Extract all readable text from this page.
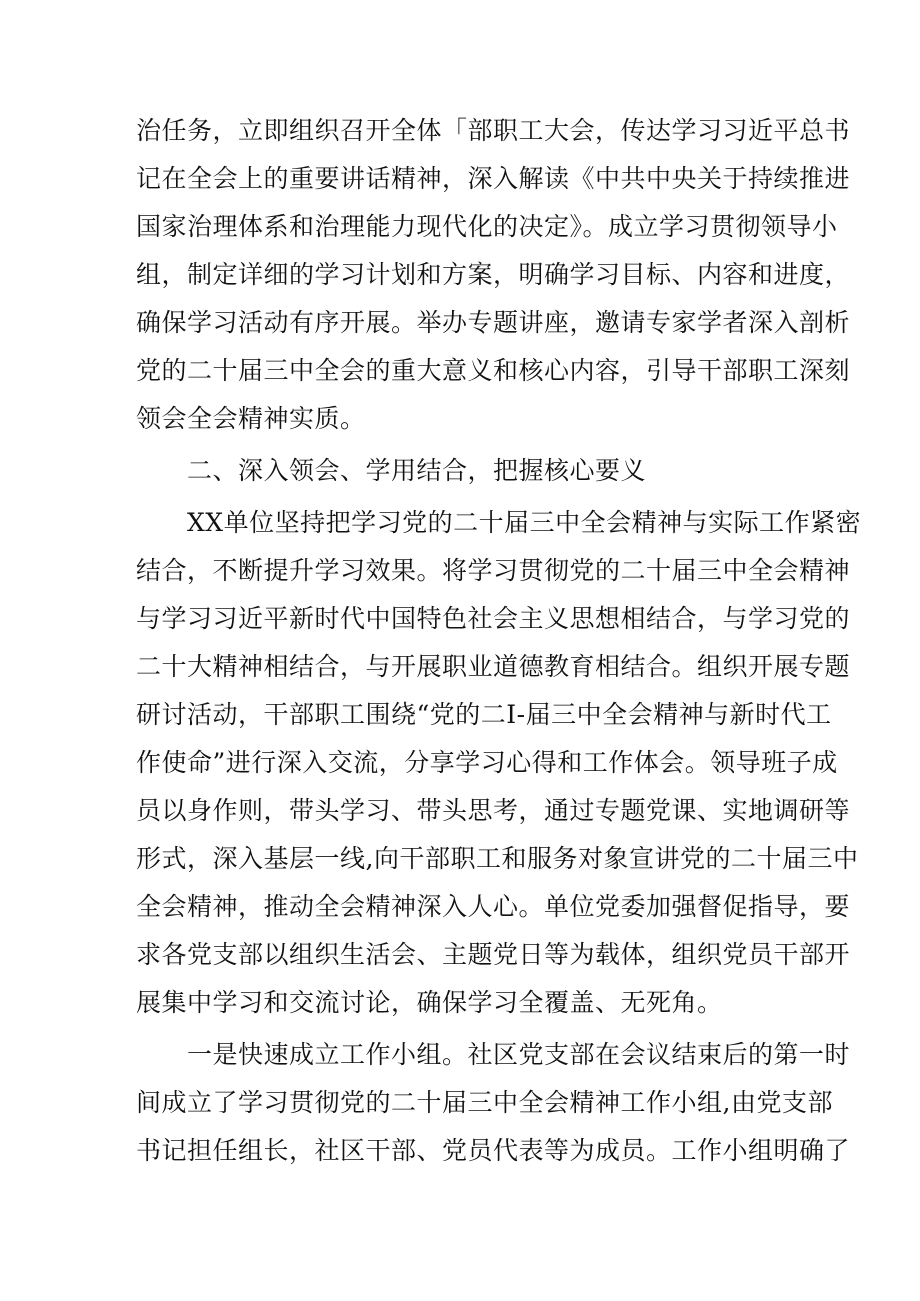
治任务，立即组织召开全体「部职工大会，传达学习习近平总书
记在全会上的重要讲话精神，深入解读《中共中央关于持续推进
国家治理体系和治理能力现代化的决定》。成立学习贯彻领导小
组，制定详细的学习计划和方案，明确学习目标、内容和进度，
确保学习活动有序开展。举办专题讲座，邀请专家学者深入剖析
党的二十届三中全会的重大意义和核心内容，引导干部职工深刻
领会全会精神实质。
　　二、深入领会、学用结合，把握核心要义
　　XX单位坚持把学习党的二十届三中全会精神与实际工作紧密
结合，不断提升学习效果。将学习贯彻党的二十届三中全会精神
与学习习近平新时代中国特色社会主义思想相结合，与学习党的
二十大精神相结合，与开展职业道德教育相结合。组织开展专题
研讨活动，干部职工围绕“党的二I-届三中全会精神与新时代工
作使命”进行深入交流，分享学习心得和工作体会。领导班子成
员以身作则，带头学习、带头思考，通过专题党课、实地调研等
形式，深入基层一线,向干部职工和服务对象宣讲党的二十届三中
全会精神，推动全会精神深入人心。单位党委加强督促指导，要
求各党支部以组织生活会、主题党日等为载体，组织党员干部开
展集中学习和交流讨论，确保学习全覆盖、无死角。
　　一是快速成立工作小组。社区党支部在会议结束后的第一时
间成立了学习贯彻党的二十届三中全会精神工作小组,由党支部
书记担任组长，社区干部、党员代表等为成员。工作小组明确了
